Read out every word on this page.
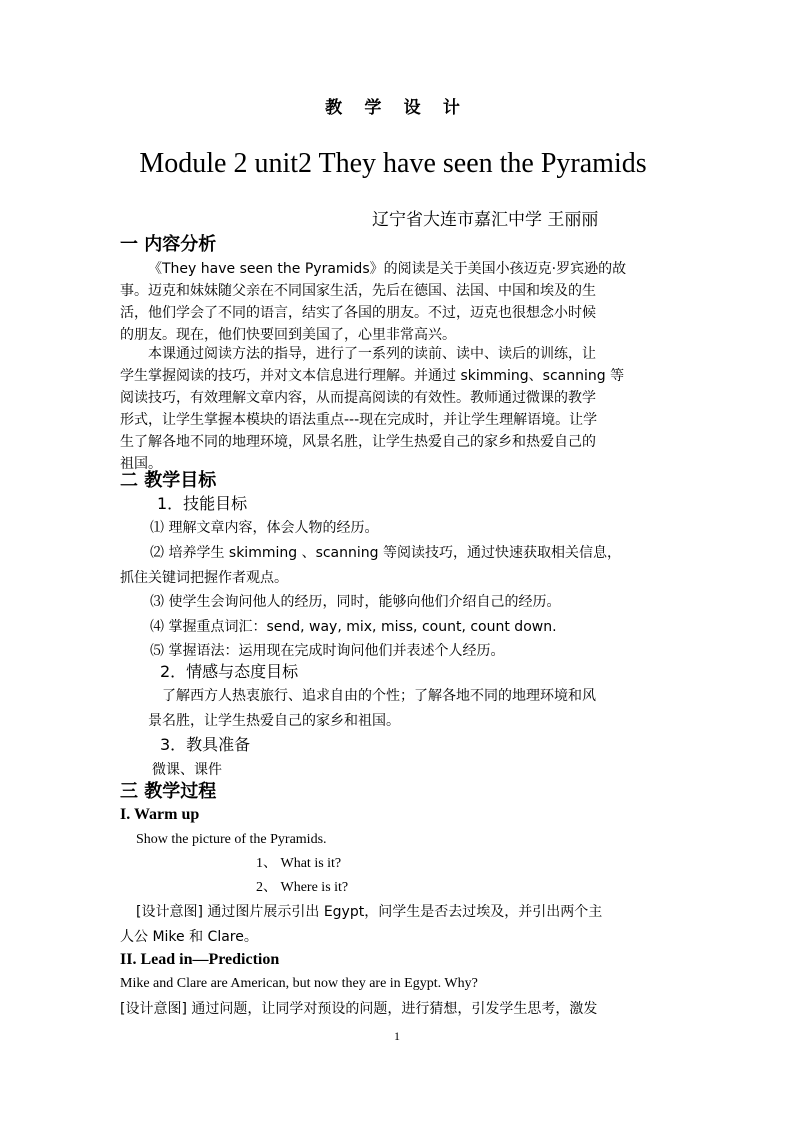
教 学 设 计
Module 2 unit2 They have seen the Pyramids
辽宁省大连市嘉汇中学 王丽丽
一 内容分析
《They have seen the Pyramids》的阅读是关于美国小孩迈克·罗宾逊的故
事。迈克和妹妹随父亲在不同国家生活，先后在德国、法国、中国和埃及的生
活，他们学会了不同的语言，结实了各国的朋友。不过，迈克也很想念小时候
的朋友。现在，他们快要回到美国了，心里非常高兴。
本课通过阅读方法的指导，进行了一系列的读前、读中、读后的训练，让
学生掌握阅读的技巧，并对文本信息进行理解。并通过 skimming、scanning 等
阅读技巧，有效理解文章内容，从而提高阅读的有效性。教师通过微课的教学
形式，让学生掌握本模块的语法重点---现在完成时，并让学生理解语境。让学
生了解各地不同的地理环境，风景名胜，让学生热爱自己的家乡和热爱自己的
祖国。
二 教学目标
1．技能目标
⑴ 理解文章内容，体会人物的经历。
⑵ 培养学生 skimming 、scanning 等阅读技巧，通过快速获取相关信息，
抓住关键词把握作者观点。
⑶ 使学生会询问他人的经历，同时，能够向他们介绍自己的经历。
⑷ 掌握重点词汇：send, way, mix, miss, count, count down.
⑸ 掌握语法：运用现在完成时询问他们并表述个人经历。
2．情感与态度目标
了解西方人热衷旅行、追求自由的个性；了解各地不同的地理环境和风
景名胜，让学生热爱自己的家乡和祖国。
3．教具准备
微课、课件
三 教学过程
I. Warm up
Show the picture of the Pyramids.
1、 What is it?
2、 Where is it?
[设计意图] 通过图片展示引出 Egypt，问学生是否去过埃及，并引出两个主
人公 Mike 和 Clare。
II. Lead in—Prediction
Mike and Clare are American, but now they are in Egypt. Why?
[设计意图] 通过问题，让同学对预设的问题，进行猜想，引发学生思考，激发
1
